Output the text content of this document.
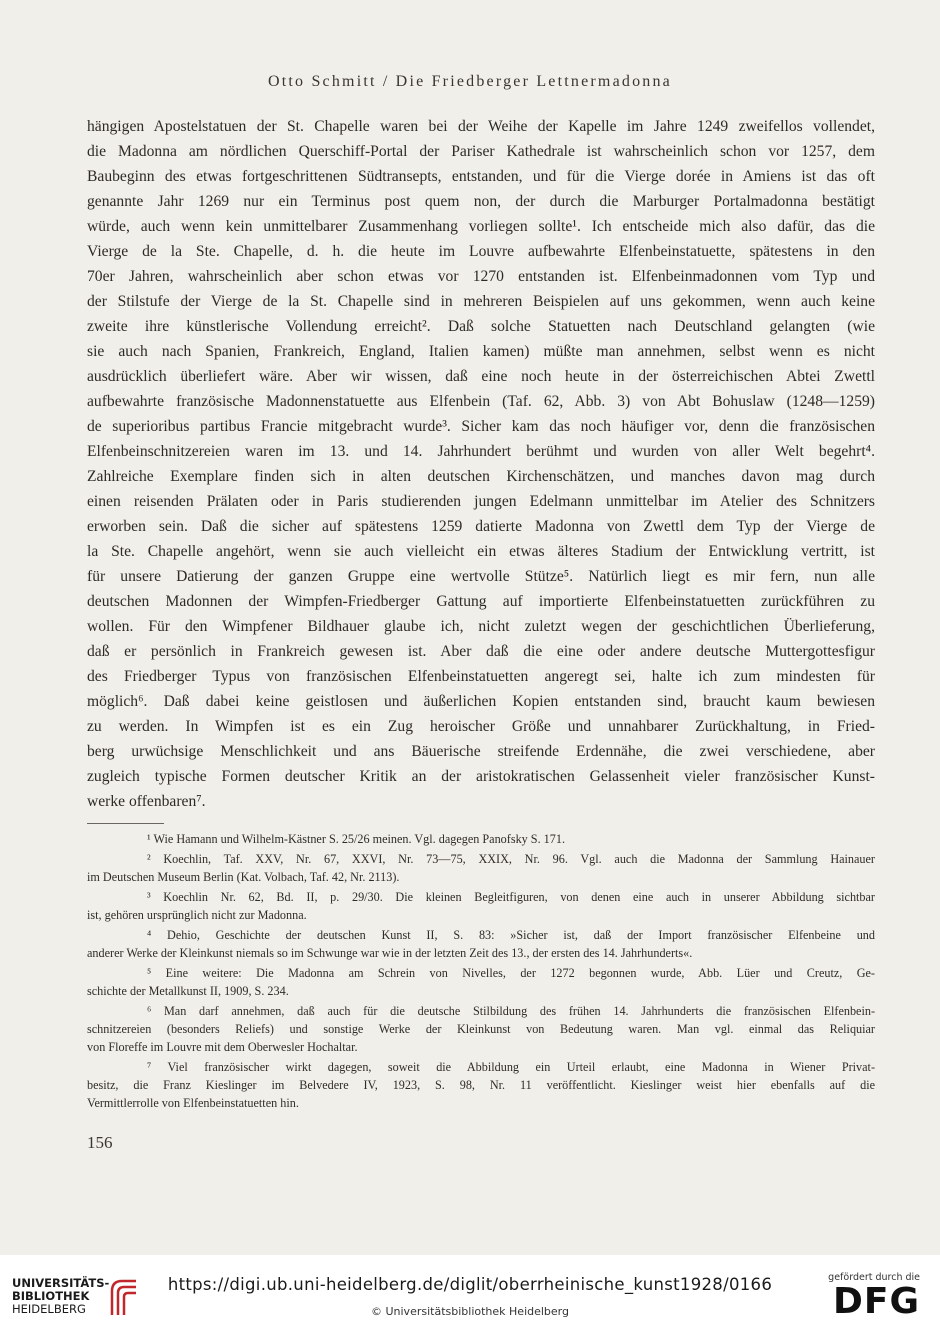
Otto Schmitt / Die Friedberger Lettnermadonna

hängigen Apostelstatuen der St. Chapelle waren bei der Weihe der Kapelle im Jahre 1249 zweifellos vollendet,
die Madonna am nördlichen Querschiff-Portal der Pariser Kathedrale ist wahrscheinlich schon vor 1257, dem
Baubeginn des etwas fortgeschrittenen Südtransepts, entstanden, und für die Vierge dorée in Amiens ist das oft
genannte Jahr 1269 nur ein Terminus post quem non, der durch die Marburger Portalmadonna bestätigt
würde, auch wenn kein unmittelbarer Zusammenhang vorliegen sollte¹. Ich entscheide mich also dafür, das die
Vierge de la Ste. Chapelle, d. h. die heute im Louvre aufbewahrte Elfenbeinstatuette, spätestens in den
70er Jahren, wahrscheinlich aber schon etwas vor 1270 entstanden ist. Elfenbeinmadonnen vom Typ und
der Stilstufe der Vierge de la St. Chapelle sind in mehreren Beispielen auf uns gekommen, wenn auch keine
zweite ihre künstlerische Vollendung erreicht². Daß solche Statuetten nach Deutschland gelangten (wie
sie auch nach Spanien, Frankreich, England, Italien kamen) müßte man annehmen, selbst wenn es nicht
ausdrücklich überliefert wäre. Aber wir wissen, daß eine noch heute in der österreichischen Abtei Zwettl
aufbewahrte französische Madonnenstatuette aus Elfenbein (Taf. 62, Abb. 3) von Abt Bohuslaw (1248—1259)
de superioribus partibus Francie mitgebracht wurde³. Sicher kam das noch häufiger vor, denn die französischen
Elfenbeinschnitzereien waren im 13. und 14. Jahrhundert berühmt und wurden von aller Welt begehrt⁴.
Zahlreiche Exemplare finden sich in alten deutschen Kirchenschätzen, und manches davon mag durch
einen reisenden Prälaten oder in Paris studierenden jungen Edelmann unmittelbar im Atelier des Schnitzers
erworben sein. Daß die sicher auf spätestens 1259 datierte Madonna von Zwettl dem Typ der Vierge de
la Ste. Chapelle angehört, wenn sie auch vielleicht ein etwas älteres Stadium der Entwicklung vertritt, ist
für unsere Datierung der ganzen Gruppe eine wertvolle Stütze⁵. Natürlich liegt es mir fern, nun alle
deutschen Madonnen der Wimpfen-Friedberger Gattung auf importierte Elfenbeinstatuetten zurückführen zu
wollen. Für den Wimpfener Bildhauer glaube ich, nicht zuletzt wegen der geschichtlichen Überlieferung,
daß er persönlich in Frankreich gewesen ist. Aber daß die eine oder andere deutsche Muttergottesfigur
des Friedberger Typus von französischen Elfenbeinstatuetten angeregt sei, halte ich zum mindesten für
möglich⁶. Daß dabei keine geistlosen und äußerlichen Kopien entstanden sind, braucht kaum bewiesen
zu werden. In Wimpfen ist es ein Zug heroischer Größe und unnahbarer Zurückhaltung, in Fried-
berg urwüchsige Menschlichkeit und ans Bäuerische streifende Erdennähe, die zwei verschiedene, aber
zugleich typische Formen deutscher Kritik an der aristokratischen Gelassenheit vieler französischer Kunst-
werke offenbaren⁷.

¹ Wie Hamann und Wilhelm-Kästner S. 25/26 meinen. Vgl. dagegen Panofsky S. 171.
² Koechlin, Taf. XXV, Nr. 67, XXVI, Nr. 73—75, XXIX, Nr. 96. Vgl. auch die Madonna der Sammlung Hainauer
im Deutschen Museum Berlin (Kat. Volbach, Taf. 42, Nr. 2113).
³ Koechlin Nr. 62, Bd. II, p. 29/30. Die kleinen Begleitfiguren, von denen eine auch in unserer Abbildung sichtbar
ist, gehören ursprünglich nicht zur Madonna.
⁴ Dehio, Geschichte der deutschen Kunst II, S. 83: »Sicher ist, daß der Import französischer Elfenbeine und
anderer Werke der Kleinkunst niemals so im Schwunge war wie in der letzten Zeit des 13., der ersten des 14. Jahrhunderts«.
⁵ Eine weitere: Die Madonna am Schrein von Nivelles, der 1272 begonnen wurde, Abb. Lüer und Creutz, Ge-
schichte der Metallkunst II, 1909, S. 234.
⁶ Man darf annehmen, daß auch für die deutsche Stilbildung des frühen 14. Jahrhunderts die französischen Elfenbein-
schnitzereien (besonders Reliefs) und sonstige Werke der Kleinkunst von Bedeutung waren. Man vgl. einmal das Reliquiar
von Floreffe im Louvre mit dem Oberwesler Hochaltar.
⁷ Viel französischer wirkt dagegen, soweit die Abbildung ein Urteil erlaubt, eine Madonna in Wiener Privat-
besitz, die Franz Kieslinger im Belvedere IV, 1923, S. 98, Nr. 11 veröffentlicht. Kieslinger weist hier ebenfalls auf die
Vermittlerrolle von Elfenbeinstatuetten hin.
156
UNIVERSITÄTS-
BIBLIOTHEK
HEIDELBERG
https://digi.ub.uni-heidelberg.de/diglit/oberrheinische_kunst1928/0166
© Universitätsbibliothek Heidelberg
gefördert durch die
DFG
